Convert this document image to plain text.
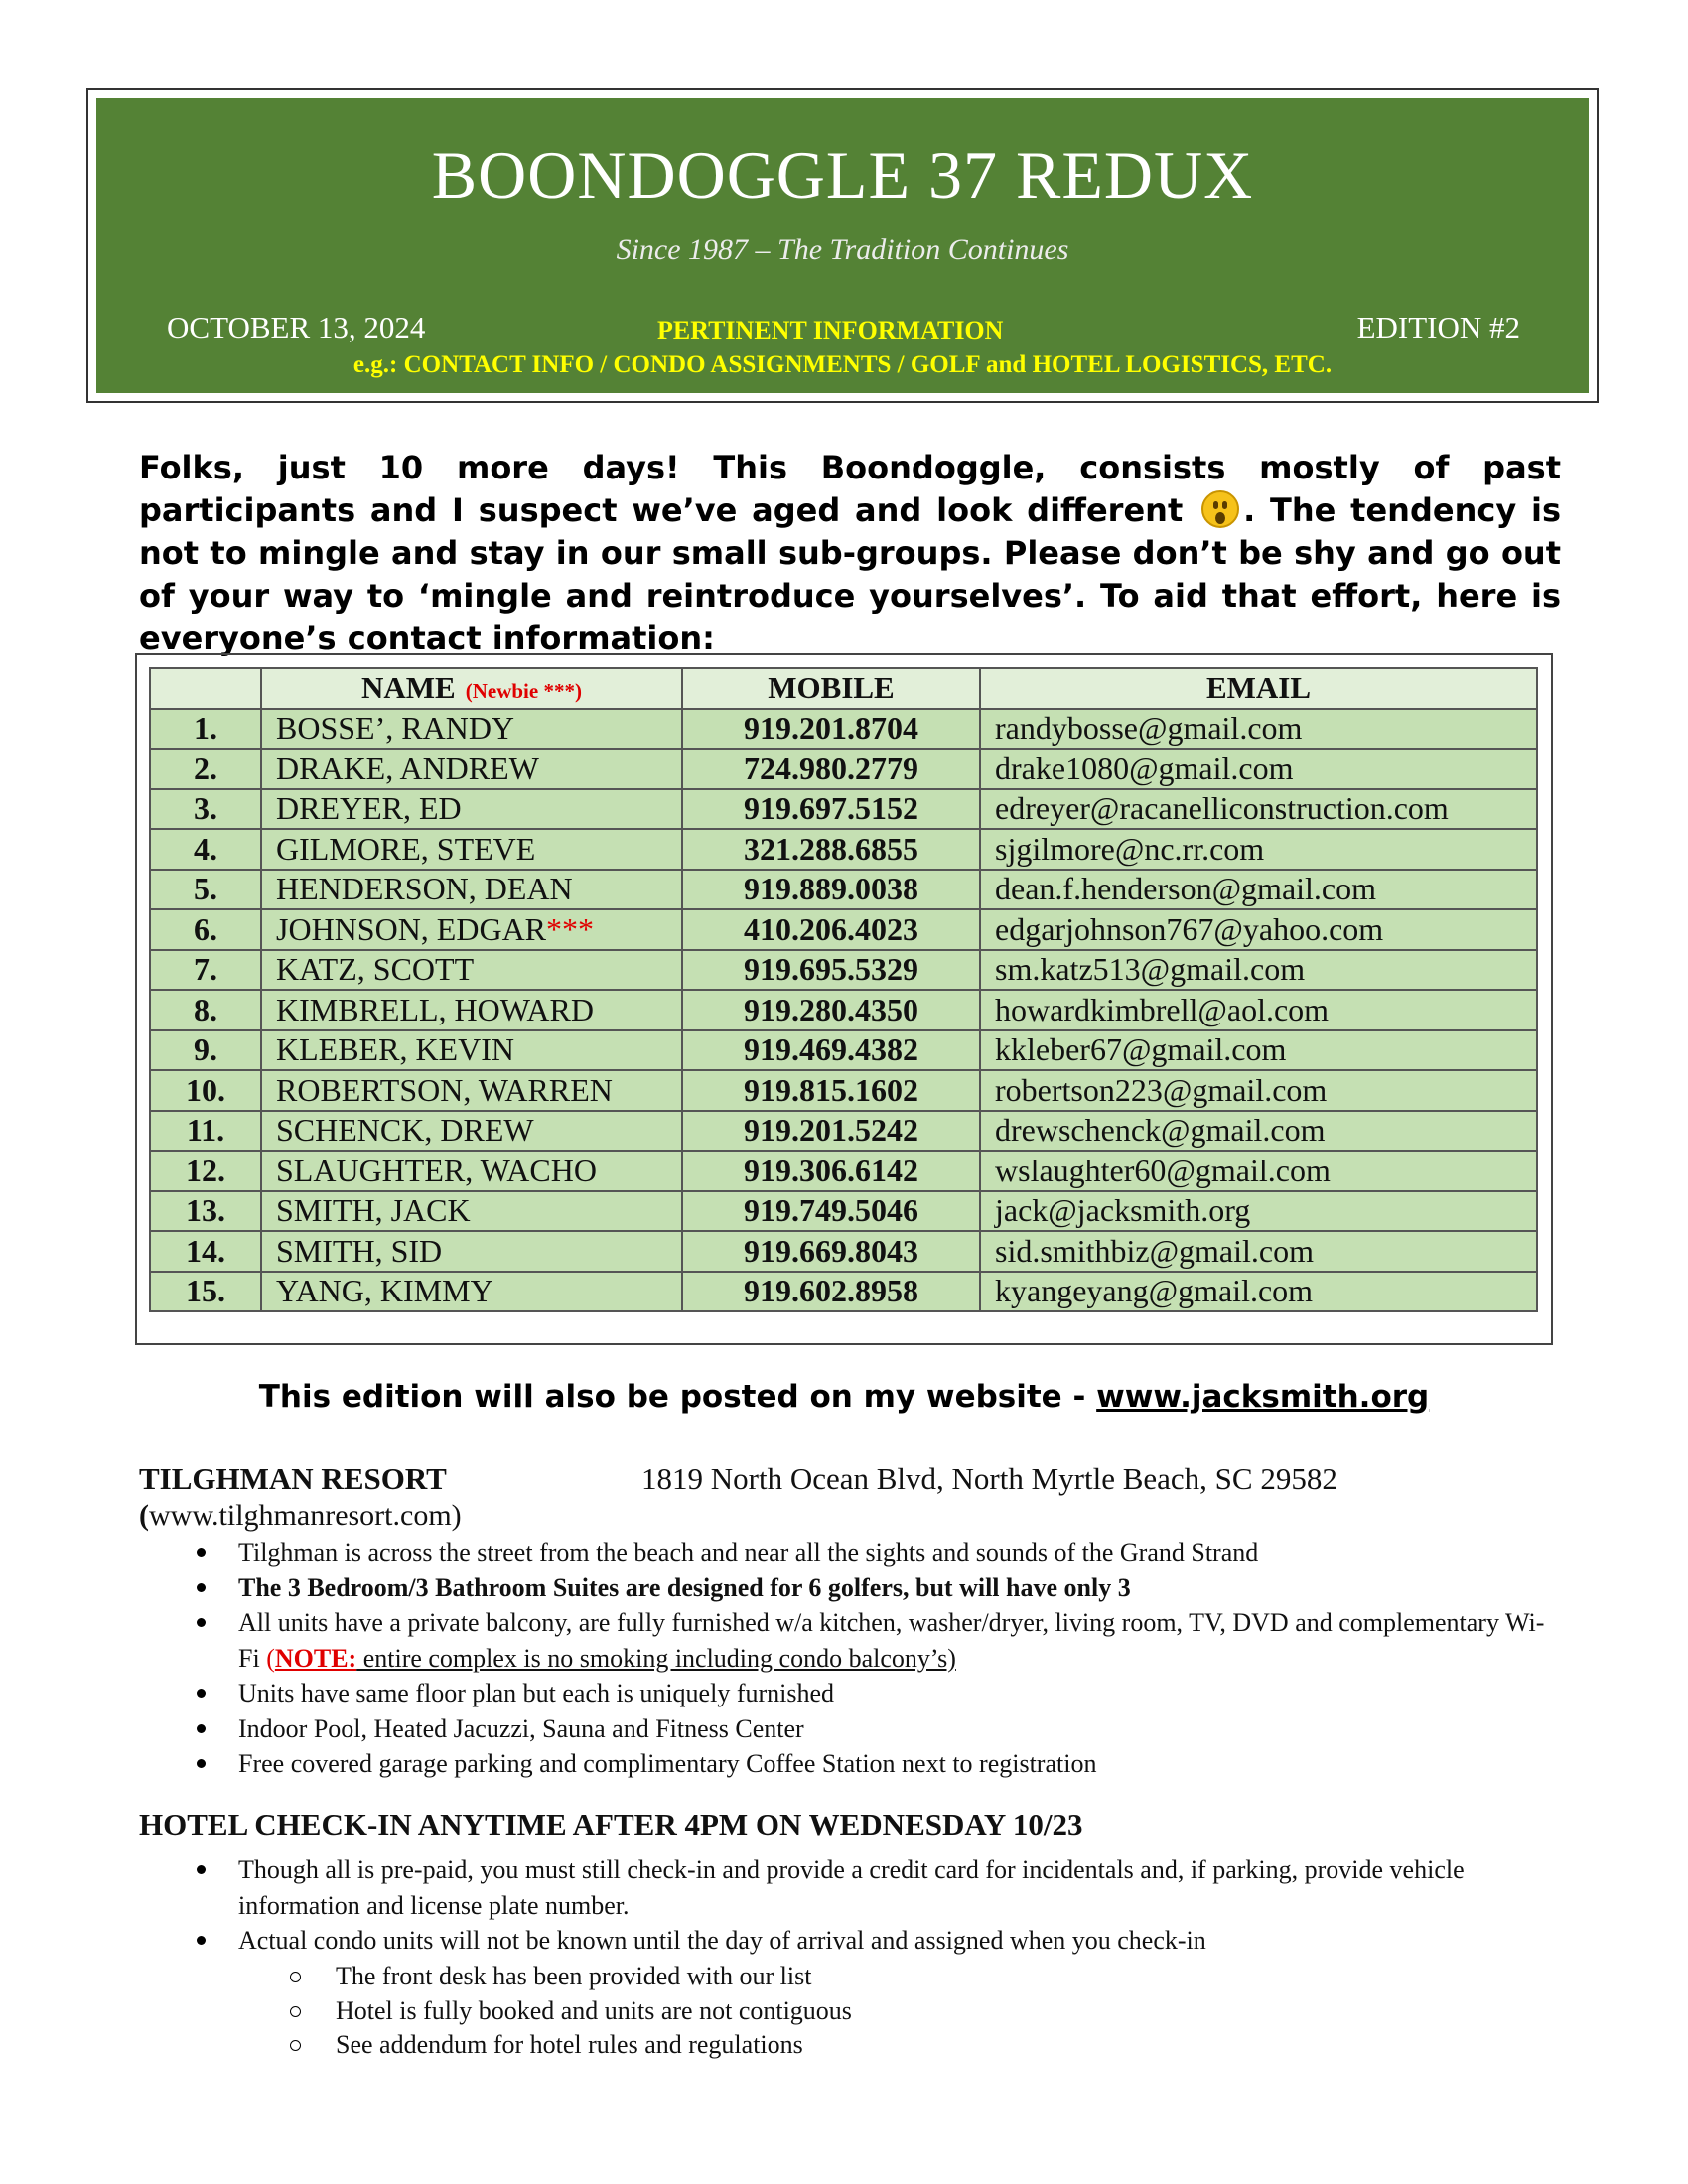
BOONDOGGLE 37 REDUX
Since 1987 – The Tradition Continues
OCTOBER 13, 2024	PERTINENT INFORMATION	EDITION #2
e.g.: CONTACT INFO / CONDO ASSIGNMENTS / GOLF and HOTEL LOGISTICS, ETC.
Folks, just 10 more days! This Boondoggle, consists mostly of past participants and I suspect we’ve aged and look different . The tendency is not to mingle and stay in our small sub-groups. Please don’t be shy and go out of your way to ‘mingle and reintroduce yourselves’. To aid that effort, here is everyone’s contact information:
	NAME (Newbie ***)	MOBILE	EMAIL
1.	BOSSE’, RANDY	919.201.8704	randybosse@gmail.com
2.	DRAKE, ANDREW	724.980.2779	drake1080@gmail.com
3.	DREYER, ED	919.697.5152	edreyer@racanelliconstruction.com
4.	GILMORE, STEVE	321.288.6855	sjgilmore@nc.rr.com
5.	HENDERSON, DEAN	919.889.0038	dean.f.henderson@gmail.com
6.	JOHNSON, EDGAR***	410.206.4023	edgarjohnson767@yahoo.com
7.	KATZ, SCOTT	919.695.5329	sm.katz513@gmail.com
8.	KIMBRELL, HOWARD	919.280.4350	howardkimbrell@aol.com
9.	KLEBER, KEVIN	919.469.4382	kkleber67@gmail.com
10.	ROBERTSON, WARREN	919.815.1602	robertson223@gmail.com
11.	SCHENCK, DREW	919.201.5242	drewschenck@gmail.com
12.	SLAUGHTER, WACHO	919.306.6142	wslaughter60@gmail.com
13.	SMITH, JACK	919.749.5046	jack@jacksmith.org
14.	SMITH, SID	919.669.8043	sid.smithbiz@gmail.com
15.	YANG, KIMMY	919.602.8958	kyangeyang@gmail.com
This edition will also be posted on my website - www.jacksmith.org
TILGHMAN RESORT	1819 North Ocean Blvd, North Myrtle Beach, SC 29582
(www.tilghmanresort.com)
Tilghman is across the street from the beach and near all the sights and sounds of the Grand Strand
The 3 Bedroom/3 Bathroom Suites are designed for 6 golfers, but will have only 3
All units have a private balcony, are fully furnished w/a kitchen, washer/dryer, living room, TV, DVD and complementary Wi-Fi (NOTE: entire complex is no smoking including condo balcony’s)
Units have same floor plan but each is uniquely furnished
Indoor Pool, Heated Jacuzzi, Sauna and Fitness Center
Free covered garage parking and complimentary Coffee Station next to registration
HOTEL CHECK-IN ANYTIME AFTER 4PM ON WEDNESDAY 10/23
Though all is pre-paid, you must still check-in and provide a credit card for incidentals and, if parking, provide vehicle information and license plate number.
Actual condo units will not be known until the day of arrival and assigned when you check-in
The front desk has been provided with our list
Hotel is fully booked and units are not contiguous
See addendum for hotel rules and regulations
